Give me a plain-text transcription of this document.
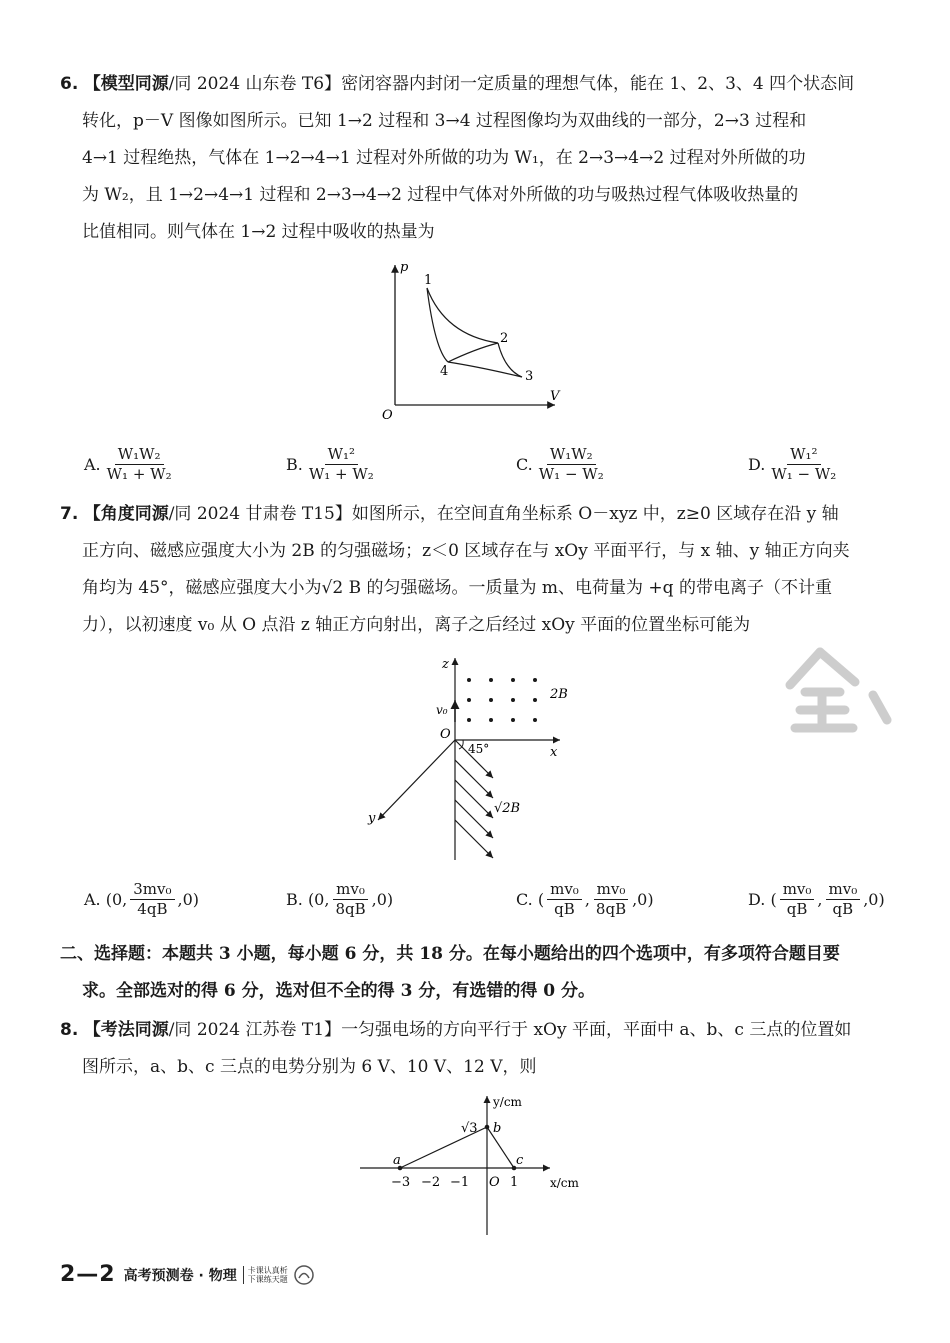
6. 【模型同源/同 2024 山东卷 T6】密闭容器内封闭一定质量的理想气体，能在 1、2、3、4 四个状态间
转化，p－V 图像如图所示。已知 1→2 过程和 3→4 过程图像均为双曲线的一部分，2→3 过程和
4→1 过程绝热，气体在 1→2→4→1 过程对外所做的功为 W₁，在 2→3→4→2 过程对外所做的功
为 W₂，且 1→2→4→1 过程和 2→3→4→2 过程中气体对外所做的功与吸热过程气体吸收热量的
比值相同。则气体在 1→2 过程中吸收的热量为
p
V
O
1
2
3
4
A. $\frac{\text{W₁W₂}}{\text{W₁ + W₂}}$	B. $\frac{\text{W₁²}}{\text{W₁ + W₂}}$	C. $\frac{\text{W₁W₂}}{\text{W₁ − W₂}}$	D. $\frac{\text{W₁²}}{\text{W₁ − W₂}}$
7. 【角度同源/同 2024 甘肃卷 T15】如图所示，在空间直角坐标系 O－xyz 中，z≥0 区域存在沿 y 轴
正方向、磁感应强度大小为 2B 的匀强磁场；z＜0 区域存在与 xOy 平面平行，与 x 轴、y 轴正方向夹
角均为 45°，磁感应强度大小为√2 B 的匀强磁场。一质量为 m、电荷量为 +q 的带电离子（不计重
力），以初速度 v₀ 从 O 点沿 z 轴正方向射出，离子之后经过 xOy 平面的位置坐标可能为
z
x
y
O
v₀
2B
45°
√2B
A.
(0, $\frac{\text{3mv₀}}{4qB} ,0$)	B.
(0, $\frac{\text{mv₀}}{8qB} ,0$)	C.
( $\frac{\text{mv₀}}{qB}$ , $\frac{\text{mv₀}}{8qB} ,0$)	D.
( $\frac{\text{mv₀}}{qB}$ , $\frac{\text{mv₀}}{qB} ,0$)
二、选择题：本题共 3 小题，每小题 6 分，共 18 分。在每小题给出的四个选项中，有多项符合题目要
求。全部选对的得 6 分，选对但不全的得 3 分，有选错的得 0 分。
8. 【考法同源/同 2024 江苏卷 T1】一匀强电场的方向平行于 xOy 平面，平面中 a、b、c 三点的位置如
图所示，a、b、c 三点的电势分别为 6 V、10 V、12 V，则
y/cm
x/cm
a
b
c
√3
−3 −2 −1 O 1
2—2 高考预测卷 · 物理 卡课认真析
下课练天题
